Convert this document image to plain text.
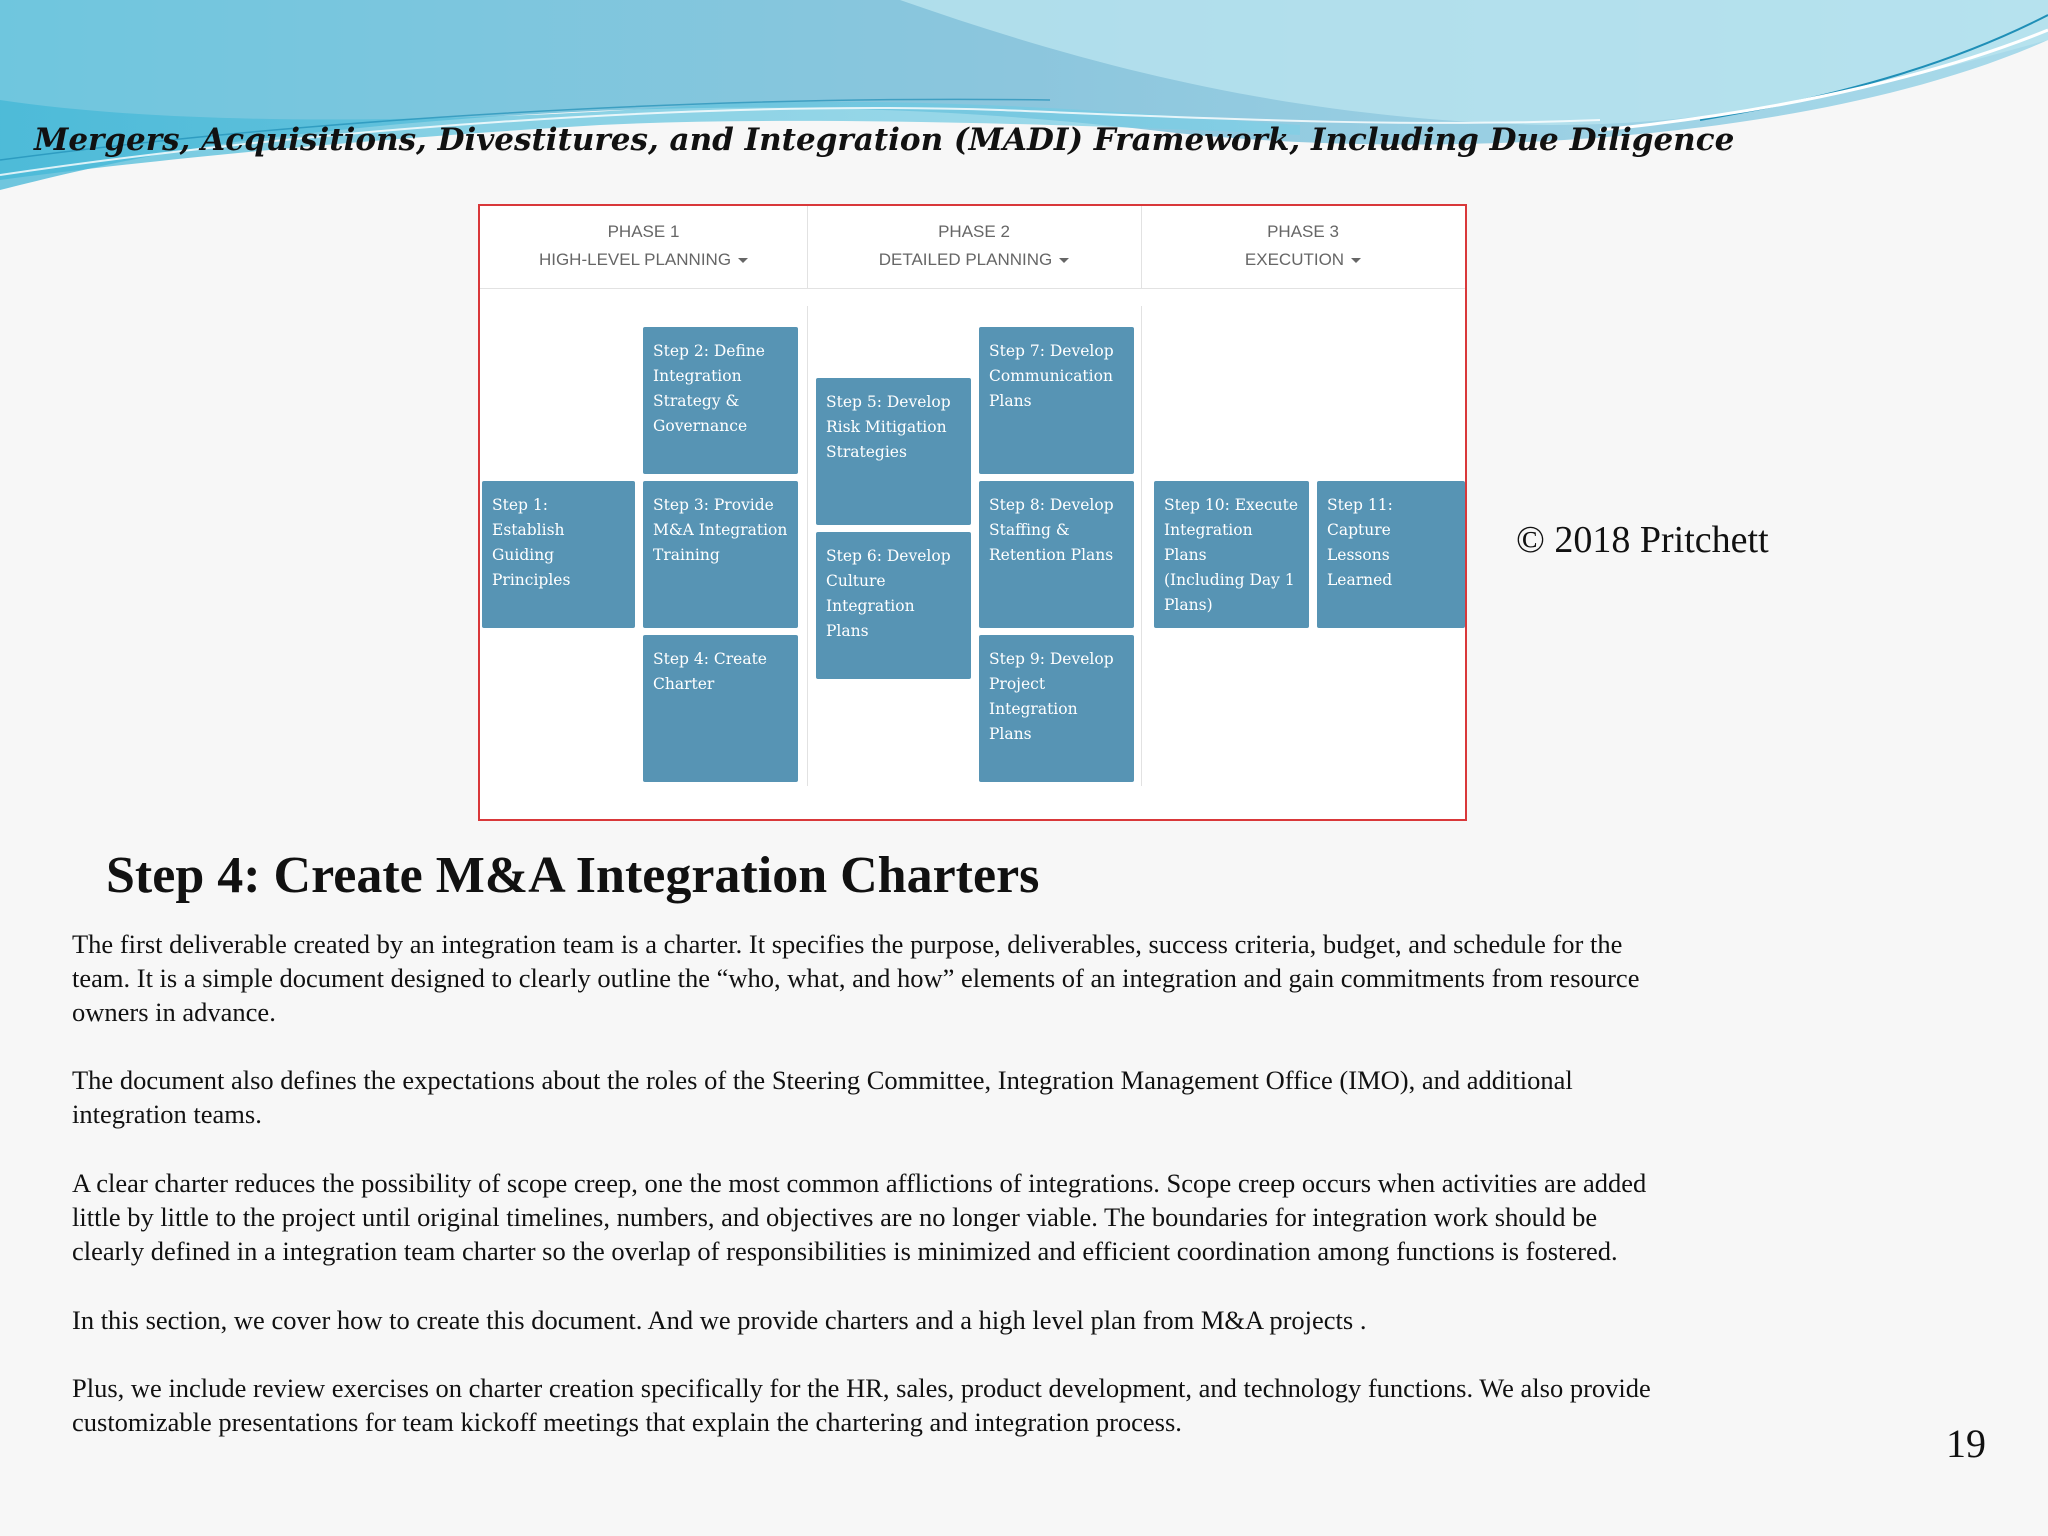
Mergers, Acquisitions, Divestitures, and Integration (MADI) Framework, Including Due Diligence
PHASE 1
HIGH-LEVEL PLANNING
PHASE 2
DETAILED PLANNING
PHASE 3
EXECUTION
Step 1: Establish
Guiding
Principles
Step 2: Define
Integration
Strategy &
Governance
Step 3: Provide
M&A Integration
Training
Step 4: Create
Charter
Step 5: Develop
Risk Mitigation
Strategies
Step 6: Develop
Culture
Integration Plans
Step 7: Develop
Communication
Plans
Step 8: Develop
Staffing &
Retention Plans
Step 9: Develop
Project
Integration Plans
Step 10: Execute
Integration Plans
(Including Day 1
Plans)
Step 11: Capture
Lessons Learned
© 2018 Pritchett
Step 4: Create M&A Integration Charters
The first deliverable created by an integration team is a charter. It specifies the purpose, deliverables, success criteria, budget, and schedule for the
team. It is a simple document designed to clearly outline the “who, what, and how” elements of an integration and gain commitments from resource
owners in advance.
The document also defines the expectations about the roles of the Steering Committee, Integration Management Office (IMO), and additional
integration teams.
A clear charter reduces the possibility of scope creep, one the most common afflictions of integrations. Scope creep occurs when activities are added
little by little to the project until original timelines, numbers, and objectives are no longer viable. The boundaries for integration work should be
clearly defined in a integration team charter so the overlap of responsibilities is minimized and efficient coordination among functions is fostered.
In this section, we cover how to create this document. And we provide charters and a high level plan from M&A projects .
Plus, we include review exercises on charter creation specifically for the HR, sales, product development, and technology functions. We also provide
customizable presentations for team kickoff meetings that explain the chartering and integration process.	19
